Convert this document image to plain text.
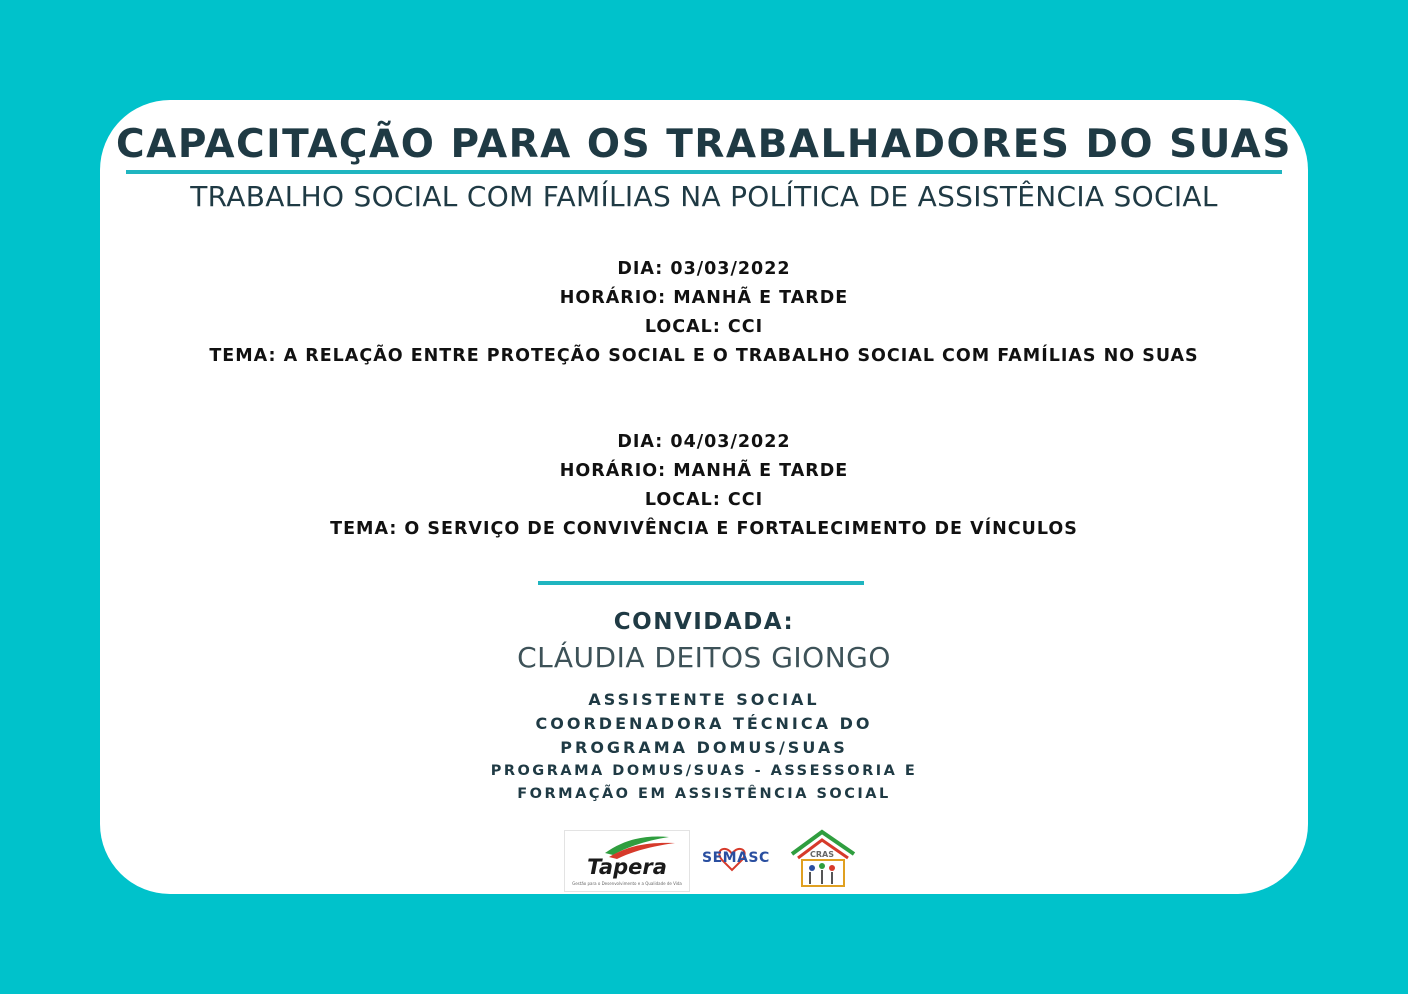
CAPACITAÇÃO PARA OS TRABALHADORES DO SUAS
TRABALHO SOCIAL COM FAMÍLIAS NA POLÍTICA DE ASSISTÊNCIA SOCIAL
DIA: 03/03/2022
HORÁRIO: MANHÃ E TARDE
LOCAL: CCI
TEMA: A RELAÇÃO ENTRE PROTEÇÃO SOCIAL E O TRABALHO SOCIAL COM FAMÍLIAS NO SUAS
DIA: 04/03/2022
HORÁRIO: MANHÃ E TARDE
LOCAL: CCI
TEMA: O SERVIÇO DE CONVIVÊNCIA E FORTALECIMENTO DE VÍNCULOS
CONVIDADA:
CLÁUDIA DEITOS GIONGO
ASSISTENTE SOCIAL
COORDENADORA TÉCNICA DO
PROGRAMA DOMUS/SUAS
PROGRAMA DOMUS/SUAS - ASSESSORIA E
FORMAÇÃO EM ASSISTÊNCIA SOCIAL
Tapera
Gestão para o Desenvolvimento e a Qualidade de Vida
SEMASC	CRAS
